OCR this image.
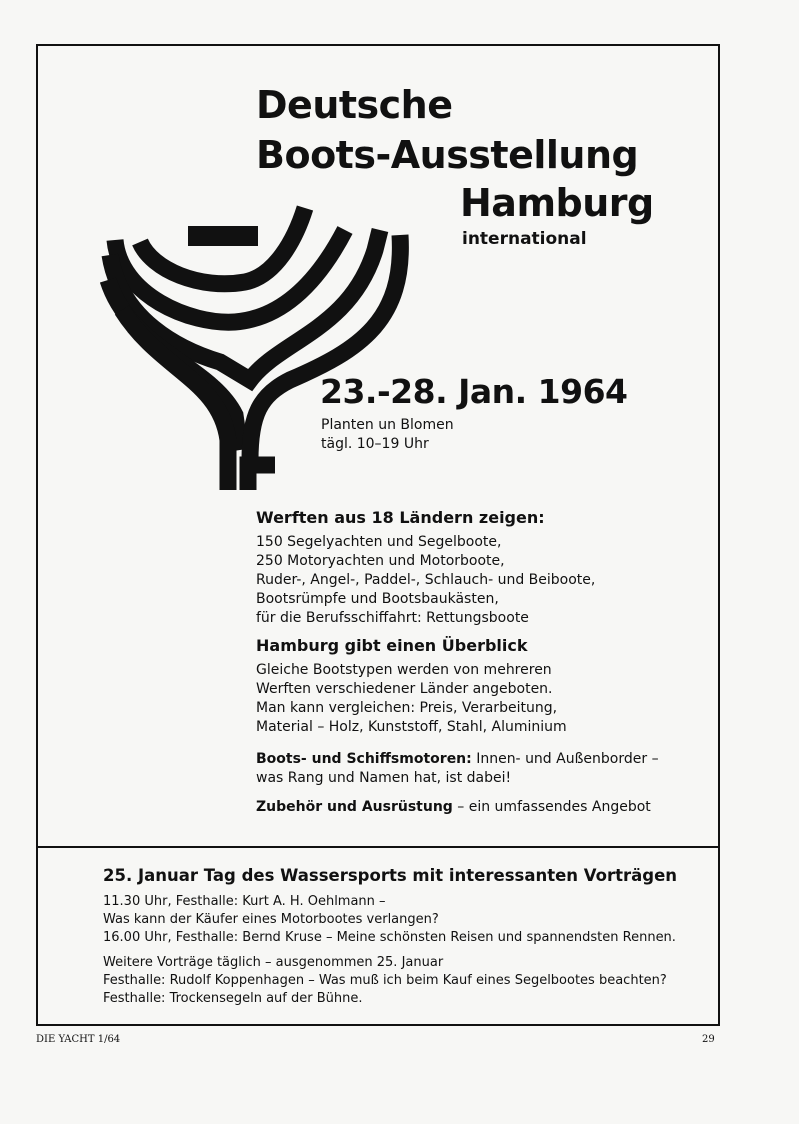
Deutsche
Boots-Ausstellung
Hamburg
international
23.-28. Jan. 1964
Planten un Blomen
tägl. 10–19 Uhr

Werften aus 18 Ländern zeigen:

150 Segelyachten und Segelboote,

250 Motoryachten und Motorboote,

Ruder-, Angel-, Paddel-, Schlauch- und Beiboote,

Bootsrümpfe und Bootsbaukästen,

für die Berufsschiffahrt: Rettungsboote

Hamburg gibt einen Überblick

Gleiche Bootstypen werden von mehreren

Werften verschiedener Länder angeboten.

Man kann vergleichen: Preis, Verarbeitung,

Material – Holz, Kunststoff, Stahl, Aluminium

Boots- und Schiffsmotoren: Innen- und Außenborder –

was Rang und Namen hat, ist dabei!

Zubehör und Ausrüstung – ein umfassendes Angebot

25. Januar Tag des Wassersports mit interessanten Vorträgen

11.30 Uhr, Festhalle: Kurt A. H. Oehlmann –

Was kann der Käufer eines Motorbootes verlangen?

16.00 Uhr, Festhalle: Bernd Kruse – Meine schönsten Reisen und spannendsten Rennen.

Weitere Vorträge täglich – ausgenommen 25. Januar

Festhalle: Rudolf Koppenhagen – Was muß ich beim Kauf eines Segelbootes beachten?

Festhalle: Trockensegeln auf der Bühne.

DIE YACHT 1/64	29
